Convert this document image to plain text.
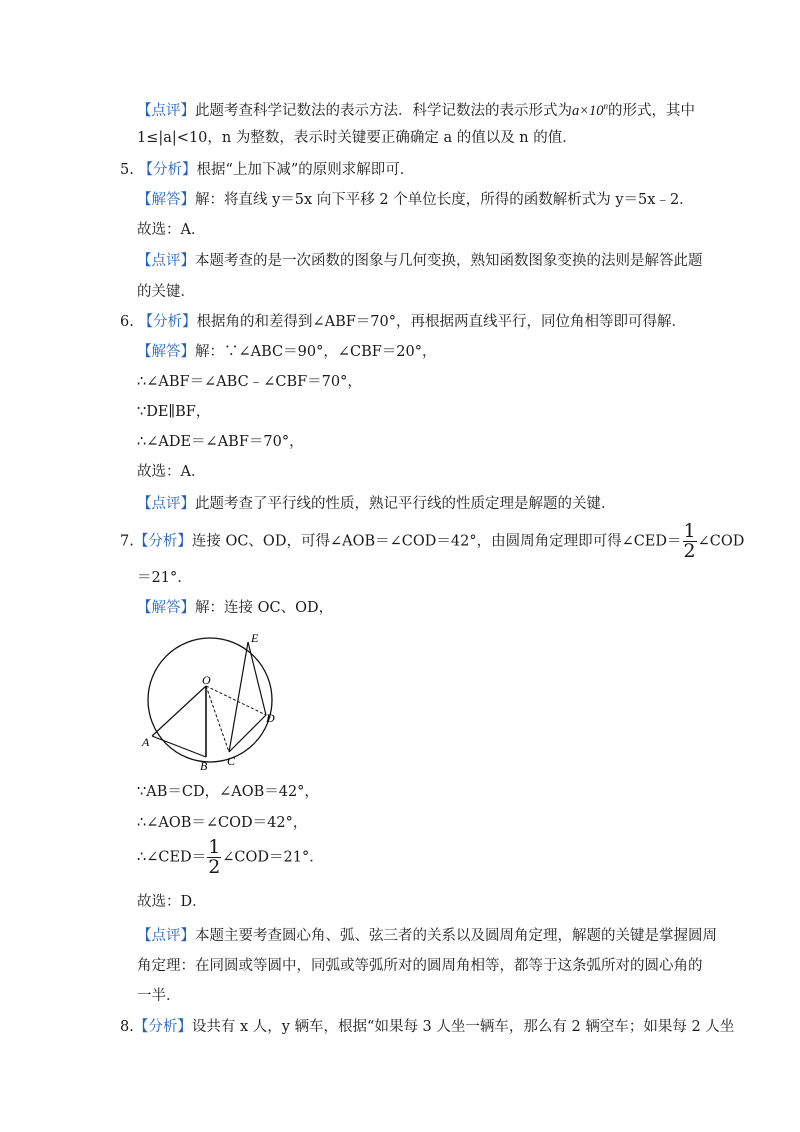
【点评】此题考查科学记数法的表示方法．科学记数法的表示形式为$a\times 10^n$的形式，其中
1≤|a|<10，n 为整数，表示时关键要正确确定 a 的值以及 n 的值．
5. 【分析】根据“上加下减”的原则求解即可．
【解答】解：将直线 y＝5x 向下平移 2 个单位长度，所得的函数解析式为 y＝5x﹣2．
故选：A．
【点评】本题考查的是一次函数的图象与几何变换，熟知函数图象变换的法则是解答此题
的关键．
6. 【分析】根据角的和差得到∠ABF＝70°，再根据两直线平行，同位角相等即可得解．
【解答】解：∵∠ABC＝90°，∠CBF＝20°，
∴∠ABF＝∠ABC﹣∠CBF＝70°，
∵DE∥BF，
∴∠ADE＝∠ABF＝70°，
故选：A．
【点评】此题考查了平行线的性质，熟记平行线的性质定理是解题的关键．
7.【分析】连接 OC、OD，可得∠AOB＝∠COD＝42°，由圆周角定理即可得∠CED＝ $\frac{1}{2}$ ∠COD
＝21°．
【解答】解：连接 OC、OD，
O
E
D
A
B C
∵AB＝CD，∠AOB＝42°，
∴∠AOB＝∠COD＝42°，
∴∠CED＝ $\frac{1}{2}$ ∠COD＝21°．
故选：D．
【点评】本题主要考查圆心角、弧、弦三者的关系以及圆周角定理，解题的关键是掌握圆周
角定理：在同圆或等圆中，同弧或等弧所对的圆周角相等，都等于这条弧所对的圆心角的
一半．
8.【分析】设共有 x 人，y 辆车，根据“如果每 3 人坐一辆车，那么有 2 辆空车；如果每 2 人坐
